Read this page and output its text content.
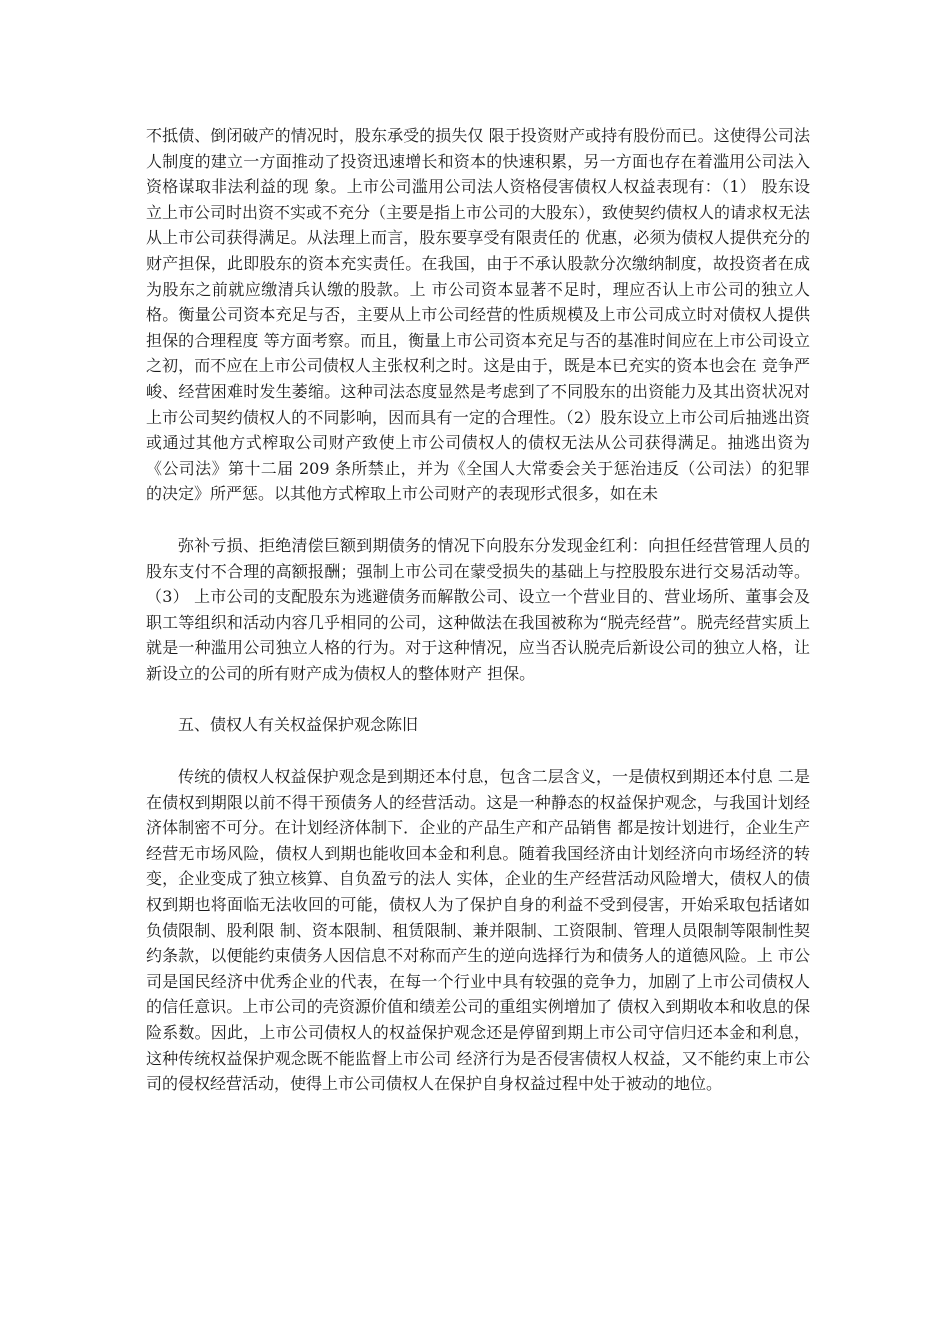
不抵债、倒闭破产的情况时，股东承受的损失仅 限于投资财产或持有股份而已。这使得公司法人制度的建立一方面推动了投资迅速增长和资本的快速积累，另一方面也存在着滥用公司法入资格谋取非法利益的现 象。上市公司滥用公司法人资格侵害债权人权益表现有：（1） 股东设立上市公司时出资不实或不充分（主要是指上市公司的大股东），致使契约债权人的请求权无法从上市公司获得满足。从法理上而言，股东要享受有限责任的 优惠，必须为债权人提供充分的财产担保，此即股东的资本充实责任。在我国，由于不承认股款分次缴纳制度，故投资者在成为股东之前就应缴清兵认缴的股款。上 市公司资本显著不足时，理应否认上市公司的独立人格。衡量公司资本充足与否，主要从上市公司经营的性质规模及上市公司成立时对债权人提供担保的合理程度 等方面考察。而且，衡量上市公司资本充足与否的基准时间应在上市公司设立之初，而不应在上市公司债权人主张权利之时。这是由于，既是本已充实的资本也会在 竞争严峻、经营困难时发生萎缩。这种司法态度显然是考虑到了不同股东的出资能力及其出资状况对上市公司契约债权人的不同影响，因而具有一定的合理性。（2）股东设立上市公司后抽逃出资或通过其他方式榨取公司财产致使上市公司债权人的债权无法从公司获得满足。抽逃出资为《公司法》第十二届 209 条所禁止，并为《全国人大常委会关于惩治违反（公司法）的犯罪的决定》所严惩。以其他方式榨取上市公司财产的表现形式很多，如在未

弥补亏损、拒绝清偿巨额到期债务的情况下向股东分发现金红利：向担任经营管理人员的股东支付不合理的高额报酬；强制上市公司在蒙受损失的基础上与控股股东进行交易活动等。（3） 上市公司的支配股东为逃避债务而解散公司、设立一个营业目的、营业场所、董事会及职工等组织和活动内容几乎相同的公司，这种做法在我国被称为“脱壳经营”。脱壳经营实质上就是一种滥用公司独立人格的行为。对于这种情况，应当否认脱壳后新设公司的独立人格，让新设立的公司的所有财产成为债权人的整体财产 担保。

五、债权人有关权益保护观念陈旧

传统的债权人权益保护观念是到期还本付息，包含二层含义，一是债权到期还本付息 二是在债权到期限以前不得干预债务人的经营活动。这是一种静态的权益保护观念，与我国计划经济体制密不可分。在计划经济体制下．企业的产品生产和产品销售 都是按计划进行，企业生产经营无市场风险，债权人到期也能收回本金和利息。随着我国经济由计划经济向市场经济的转变，企业变成了独立核算、自负盈亏的法人 实体，企业的生产经营活动风险增大，债权人的债权到期也将面临无法收回的可能，债权人为了保护自身的利益不受到侵害，开始采取包括诸如负债限制、股利限 制、资本限制、租赁限制、兼并限制、工资限制、管理人员限制等限制性契约条款，以便能约束债务人因信息不对称而产生的逆向选择行为和债务人的道德风险。上 市公司是国民经济中优秀企业的代表，在每一个行业中具有较强的竞争力，加剧了上市公司债权人的信任意识。上市公司的壳资源价值和绩差公司的重组实例增加了 债权入到期收本和收息的保险系数。因此，上市公司债权人的权益保护观念还是停留到期上市公司守信归还本金和利息，这种传统权益保护观念既不能监督上市公司 经济行为是否侵害债权人权益，又不能约束上市公司的侵权经营活动，使得上市公司债权人在保护自身权益过程中处于被动的地位。
